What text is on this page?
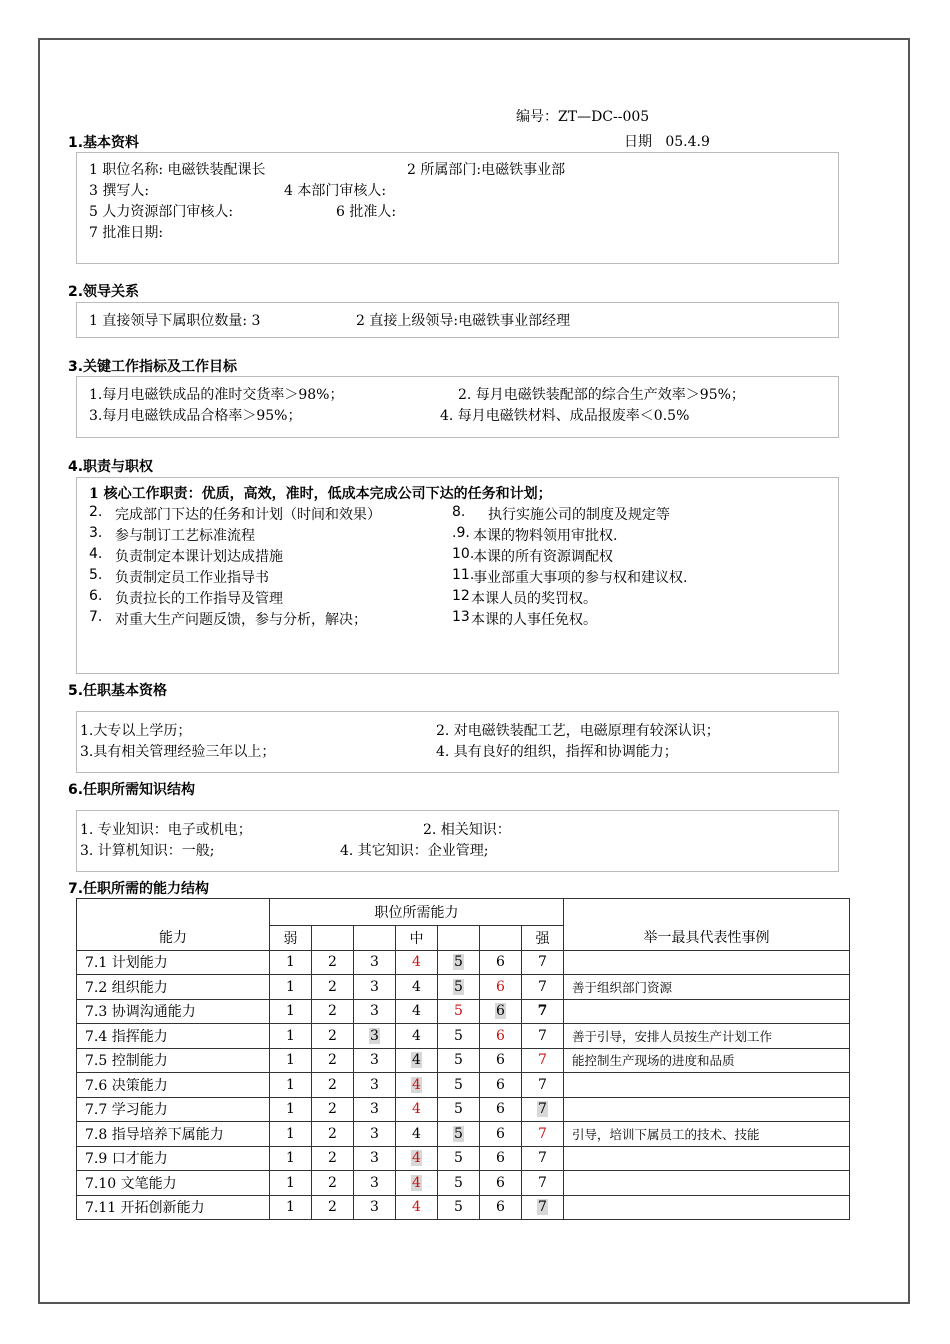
编号：ZT—DC--005
日期 05.4.9
1.基本资料
1 职位名称: 电磁铁装配课长	2 所属部门:电磁铁事业部
3 撰写人:	4 本部门审核人:
5 人力资源部门审核人:	6 批准人:
7 批准日期:
2.领导关系
1 直接领导下属职位数量: 3	2 直接上级领导:电磁铁事业部经理
3.关键工作指标及工作目标
1.每月电磁铁成品的准时交货率＞98%；	2. 每月电磁铁装配部的综合生产效率＞95%；
3.每月电磁铁成品合格率＞95%；	4. 每月电磁铁材料、成品报废率＜0.5%
4.职责与职权
1 核心工作职责：优质，高效，准时，低成本完成公司下达的任务和计划；
2. 完成部门下达的任务和计划（时间和效果）
3. 参与制订工艺标准流程
4. 负责制定本课计划达成措施
5. 负责制定员工作业指导书
6. 负责拉长的工作指导及管理
7. 对重大生产问题反馈，参与分析，解决；
8. 执行实施公司的制度及规定等
.9. 本课的物料领用审批权.
10.
本课的所有资源调配权
11.
事业部重大事项的参与权和建议权.
12 本课人员的奖罚权。
13 本课的人事任免权。
5.任职基本资格
1.大专以上学历；	2. 对电磁铁装配工艺，电磁原理有较深认识；
3.具有相关管理经验三年以上；	4. 具有良好的组织，指挥和协调能力；
6.任职所需知识结构
1. 专业知识：电子或机电；	2. 相关知识：
3. 计算机知识：一般;	4. 其它知识：企业管理;
7.任职所需的能力结构
能力	职位所需能力							举一最具代表性事例
	弱			中			强	
7.1 计划能力	1	2	3	4	5	6	7	
7.2 组织能力	1	2	3	4	5	6	7	善于组织部门资源
7.3 协调沟通能力	1	2	3	4	5	6	7	
7.4 指挥能力	1	2	3	4	5	6	7	善于引导，安排人员按生产计划工作
7.5 控制能力	1	2	3	4	5	6	7	能控制生产现场的进度和品质
7.6 决策能力	1	2	3	4	5	6	7	
7.7 学习能力	1	2	3	4	5	6	7	
7.8 指导培养下属能力	1	2	3	4	5	6	7	引导，培训下属员工的技术、技能
7.9 口才能力	1	2	3	4	5	6	7	
7.10 文笔能力	1	2	3	4	5	6	7	
7.11 开拓创新能力	1	2	3	4	5	6	7	
